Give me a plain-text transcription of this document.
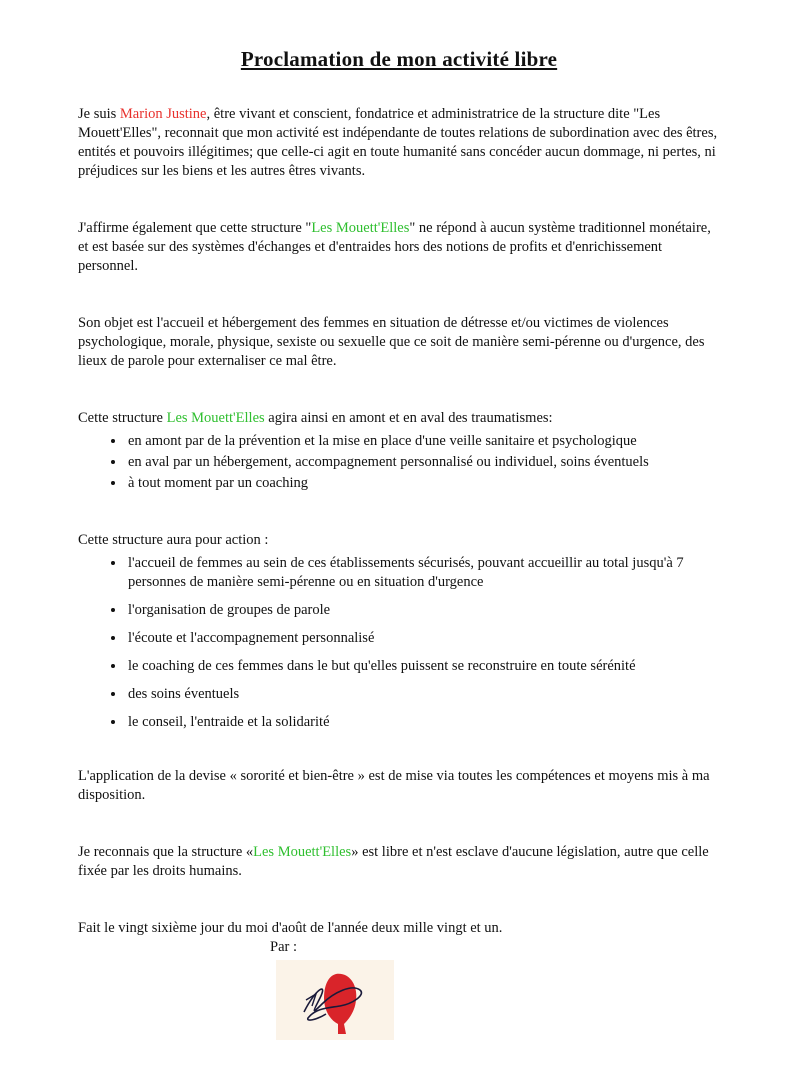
Proclamation de mon activité libre

Je suis Marion Justine, être vivant et conscient, fondatrice et administratrice de la structure dite "Les Mouett'Elles", reconnait que mon activité est indépendante de toutes relations de subordination avec des êtres, entités et pouvoirs illégitimes; que celle-ci agit en toute humanité sans concéder aucun dommage, ni pertes, ni préjudices sur les biens et les autres êtres vivants.

J'affirme également que cette structure "Les Mouett'Elles" ne répond à aucun système traditionnel monétaire, et est basée sur des systèmes d'échanges et d'entraides hors des notions de profits et d'enrichissement personnel.

Son objet est l'accueil et hébergement des femmes en situation de détresse et/ou victimes de violences psychologique, morale, physique, sexiste ou sexuelle que ce soit de manière semi-pérenne ou d'urgence, des lieux de parole pour externaliser ce mal être.

Cette structure Les Mouett'Elles agira ainsi en amont et en aval des traumatismes:

• en amont par de la prévention et la mise en place d'une veille sanitaire et psychologique
• en aval par un hébergement, accompagnement personnalisé ou individuel, soins éventuels
• à tout moment par un coaching

Cette structure aura pour action :

• l'accueil de femmes au sein de ces établissements sécurisés, pouvant accueillir au total jusqu'à 7 personnes de manière semi-pérenne ou en situation d'urgence
• l'organisation de groupes de parole
• l'écoute et l'accompagnement personnalisé
• le coaching de ces femmes dans le but qu'elles puissent se reconstruire en toute sérénité
• des soins éventuels
• le conseil, l'entraide et la solidarité

L'application de la devise « sororité et bien-être » est de mise via toutes les compétences et moyens mis à ma disposition.

Je reconnais que la structure «Les Mouett'Elles» est libre et n'est esclave d'aucune législation, autre que celle fixée par les droits humains.

Fait le vingt sixième jour du moi d'août de l'année deux mille vingt et un.

Par :
